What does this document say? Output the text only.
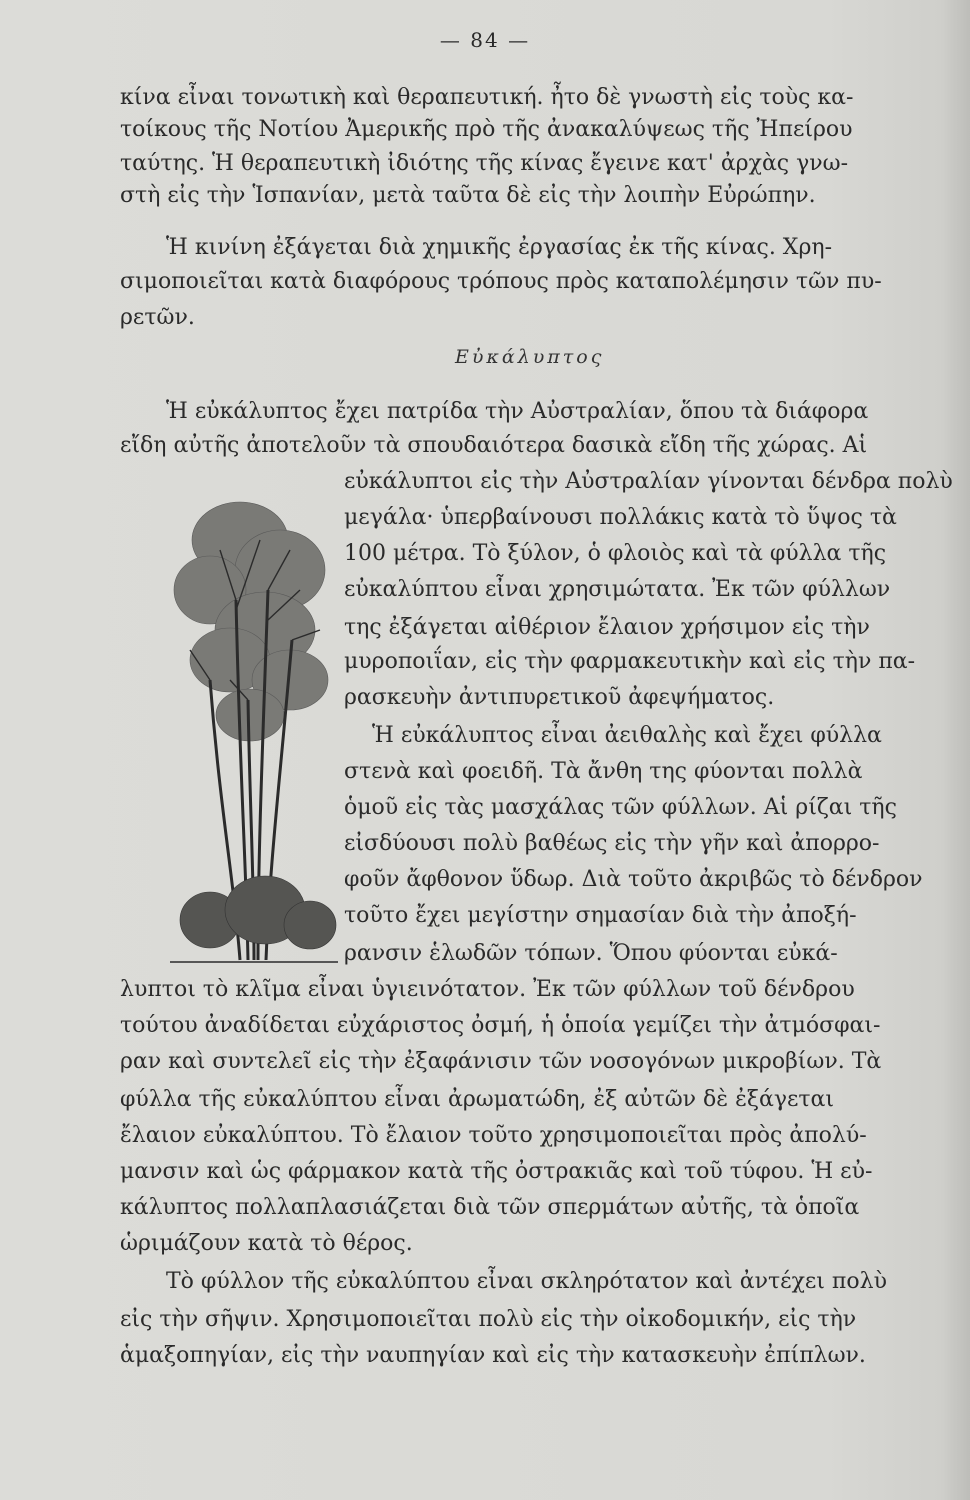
— 84 —
Εὐκάλυπτος
κίνα εἶναι τονωτικὴ καὶ θεραπευτική. ἦτο δὲ γνωστὴ εἰς τοὺς κα-
τοίκους τῆς Νοτίου Ἀμερικῆς πρὸ τῆς ἀνακαλύψεως τῆς Ἠπείρου
ταύτης. Ἡ θεραπευτικὴ ἰδιότης τῆς κίνας ἔγεινε κατ' ἀρχὰς γνω-
στὴ εἰς τὴν Ἱσπανίαν, μετὰ ταῦτα δὲ εἰς τὴν λοιπὴν Εὐρώπην.
Ἡ κινίνη ἐξάγεται διὰ χημικῆς ἐργασίας ἐκ τῆς κίνας. Χρη-
σιμοποιεῖται κατὰ διαφόρους τρόπους πρὸς καταπολέμησιν τῶν πυ-
ρετῶν.
Ἡ εὐκάλυπτος ἔχει πατρίδα τὴν Αὐστραλίαν, ὅπου τὰ διάφορα
εἴδη αὐτῆς ἀποτελοῦν τὰ σπουδαιότερα δασικὰ εἴδη τῆς χώρας. Αἱ
εὐκάλυπτοι εἰς τὴν Αὐστραλίαν γίνονται δένδρα πολὺ
μεγάλα· ὑπερβαίνουσι πολλάκις κατὰ τὸ ὕψος τὰ
100 μέτρα. Τὸ ξύλον, ὁ φλοιὸς καὶ τὰ φύλλα τῆς
εὐκαλύπτου εἶναι χρησιμώτατα. Ἐκ τῶν φύλλων
της ἐξάγεται αἰθέριον ἔλαιον χρήσιμον εἰς τὴν
μυροποιΐαν, εἰς τὴν φαρμακευτικὴν καὶ εἰς τὴν πα-
ρασκευὴν ἀντιπυρετικοῦ ἀφεψήματος.
Ἡ εὐκάλυπτος εἶναι ἀειθαλὴς καὶ ἔχει φύλλα
στενὰ καὶ φοειδῆ. Τὰ ἄνθη της φύονται πολλὰ
ὁμοῦ εἰς τὰς μασχάλας τῶν φύλλων. Αἱ ρίζαι τῆς
εἰσδύουσι πολὺ βαθέως εἰς τὴν γῆν καὶ ἀπορρο-
φοῦν ἄφθονον ὕδωρ. Διὰ τοῦτο ἀκριβῶς τὸ δένδρον
τοῦτο ἔχει μεγίστην σημασίαν διὰ τὴν ἀποξή-
ρανσιν ἑλωδῶν τόπων. Ὅπου φύονται εὐκά-
λυπτοι τὸ κλῖμα εἶναι ὑγιεινότατον. Ἐκ τῶν φύλλων τοῦ δένδρου
τούτου ἀναδίδεται εὐχάριστος ὀσμή, ἡ ὁποία γεμίζει τὴν ἀτμόσφαι-
ραν καὶ συντελεῖ εἰς τὴν ἐξαφάνισιν τῶν νοσογόνων μικροβίων. Τὰ
φύλλα τῆς εὐκαλύπτου εἶναι ἀρωματώδη, ἐξ αὐτῶν δὲ ἐξάγεται
ἔλαιον εὐκαλύπτου. Τὸ ἔλαιον τοῦτο χρησιμοποιεῖται πρὸς ἀπολύ-
μανσιν καὶ ὡς φάρμακον κατὰ τῆς ὀστρακιᾶς καὶ τοῦ τύφου. Ἡ εὐ-
κάλυπτος πολλαπλασιάζεται διὰ τῶν σπερμάτων αὐτῆς, τὰ ὁποῖα
ὡριμάζουν κατὰ τὸ θέρος.
Τὸ φύλλον τῆς εὐκαλύπτου εἶναι σκληρότατον καὶ ἀντέχει πολὺ
εἰς τὴν σῆψιν. Χρησιμοποιεῖται πολὺ εἰς τὴν οἰκοδομικήν, εἰς τὴν
ἁμαξοπηγίαν, εἰς τὴν ναυπηγίαν καὶ εἰς τὴν κατασκευὴν ἐπίπλων.
